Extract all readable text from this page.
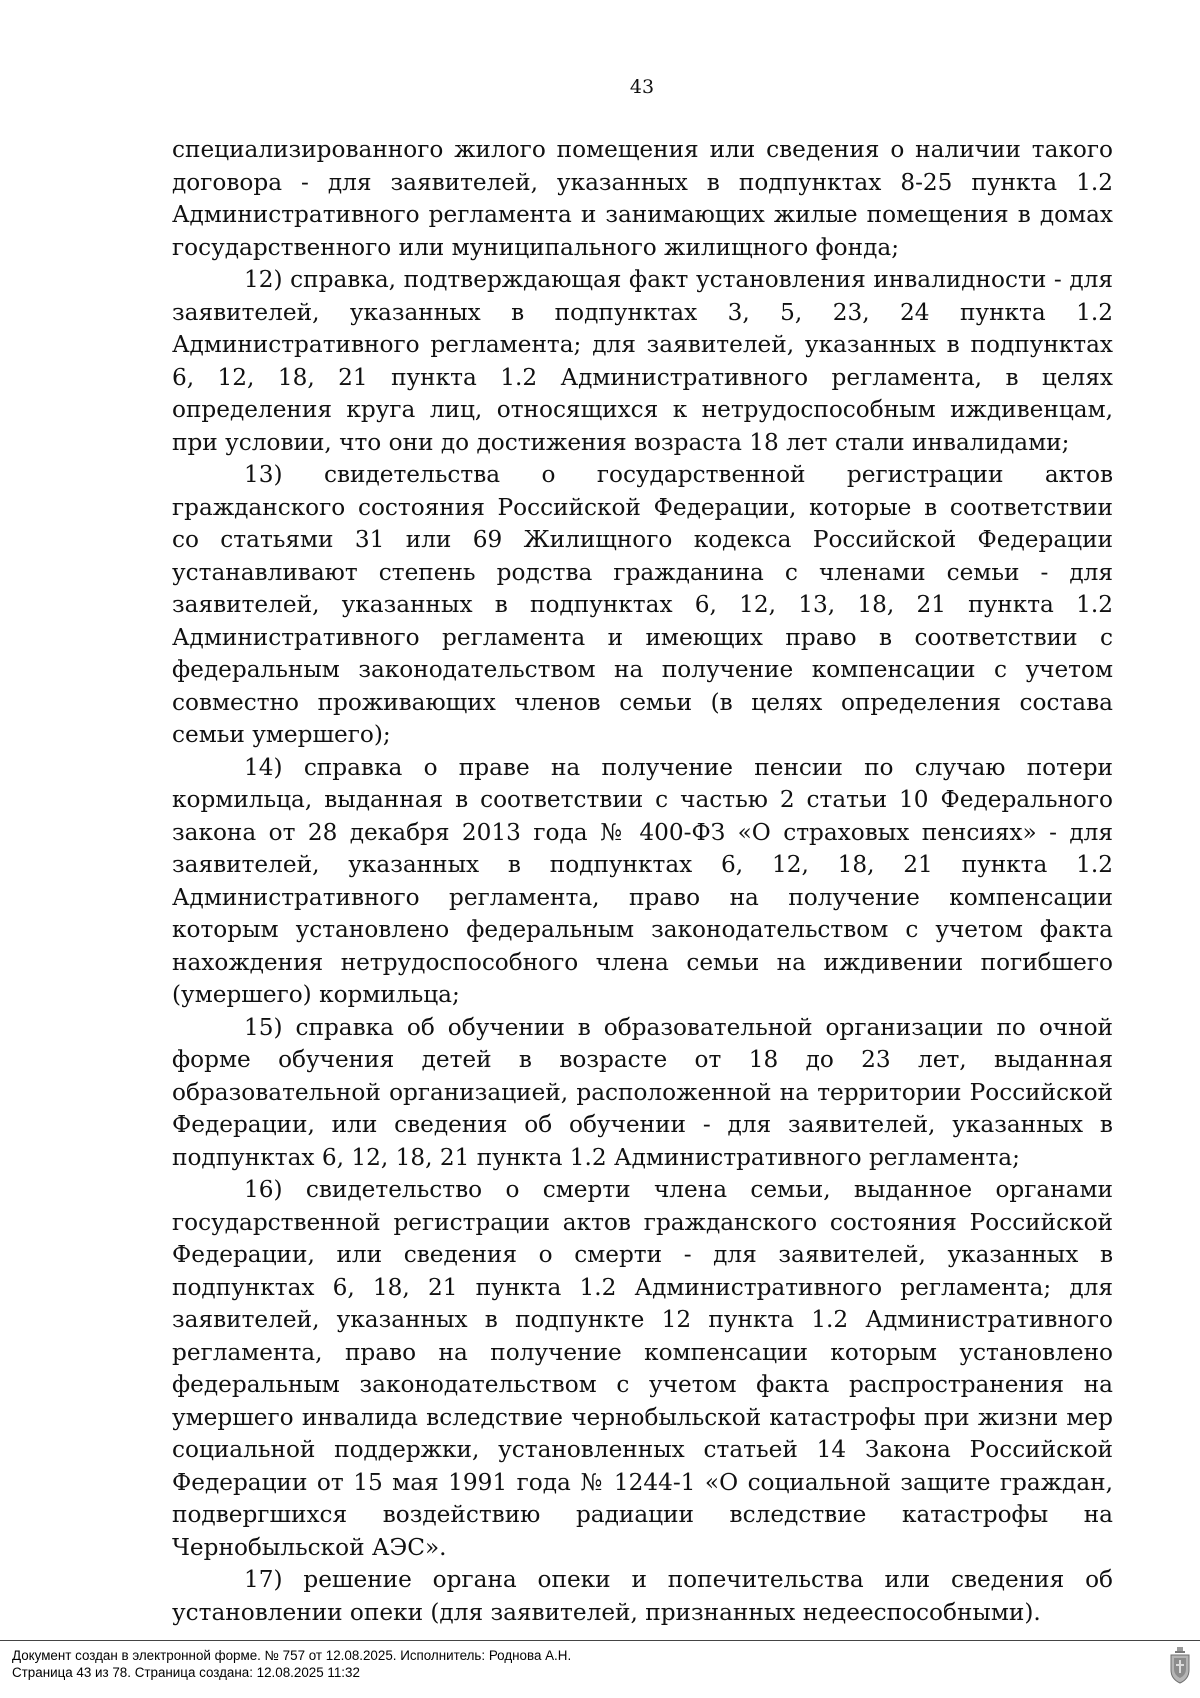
43

специализированного жилого помещения или сведения о наличии такого договора - для заявителей, указанных в подпунктах 8-25 пункта 1.2 Административного регламента и занимающих жилые помещения в домах государственного или муниципального жилищного фонда;

12) справка, подтверждающая факт установления инвалидности - для заявителей, указанных в подпунктах 3, 5, 23, 24 пункта 1.2 Административного регламента; для заявителей, указанных в подпунктах 6, 12, 18, 21 пункта 1.2 Административного регламента, в целях определения круга лиц, относящихся к нетрудоспособным иждивенцам, при условии, что они до достижения возраста 18 лет стали инвалидами;

13) свидетельства о государственной регистрации актов гражданского состояния Российской Федерации, которые в соответствии со статьями 31 или 69 Жилищного кодекса Российской Федерации устанавливают степень родства гражданина с членами семьи - для заявителей, указанных в подпунктах 6, 12, 13, 18, 21 пункта 1.2 Административного регламента и имеющих право в соответствии с федеральным законодательством на получение компенсации с учетом совместно проживающих членов семьи (в целях определения состава семьи умершего);

14) справка о праве на получение пенсии по случаю потери кормильца, выданная в соответствии с частью 2 статьи 10 Федерального закона от 28 декабря 2013 года № 400-ФЗ «О страховых пенсиях» - для заявителей, указанных в подпунктах 6, 12, 18, 21 пункта 1.2 Административного регламента, право на получение компенсации которым установлено федеральным законодательством с учетом факта нахождения нетрудоспособного члена семьи на иждивении погибшего (умершего) кормильца;

15) справка об обучении в образовательной организации по очной форме обучения детей в возрасте от 18 до 23 лет, выданная образовательной организацией, расположенной на территории Российской Федерации, или сведения об обучении - для заявителей, указанных в подпунктах 6, 12, 18, 21 пункта 1.2 Административного регламента;

16) свидетельство о смерти члена семьи, выданное органами государственной регистрации актов гражданского состояния Российской Федерации, или сведения о смерти - для заявителей, указанных в подпунктах 6, 18, 21 пункта 1.2 Административного регламента; для заявителей, указанных в подпункте 12 пункта 1.2 Административного регламента, право на получение компенсации которым установлено федеральным законодательством с учетом факта распространения на умершего инвалида вследствие чернобыльской катастрофы при жизни мер социальной поддержки, установленных статьей 14 Закона Российской Федерации от 15 мая 1991 года № 1244-1 «О социальной защите граждан, подвергшихся воздействию радиации вследствие катастрофы на Чернобыльской АЭС».

17) решение органа опеки и попечительства или сведения об установлении опеки (для заявителей, признанных недееспособными).

Документ создан в электронной форме. № 757 от 12.08.2025. Исполнитель: Роднова А.Н.
Страница 43 из 78. Страница создана: 12.08.2025 11:32
